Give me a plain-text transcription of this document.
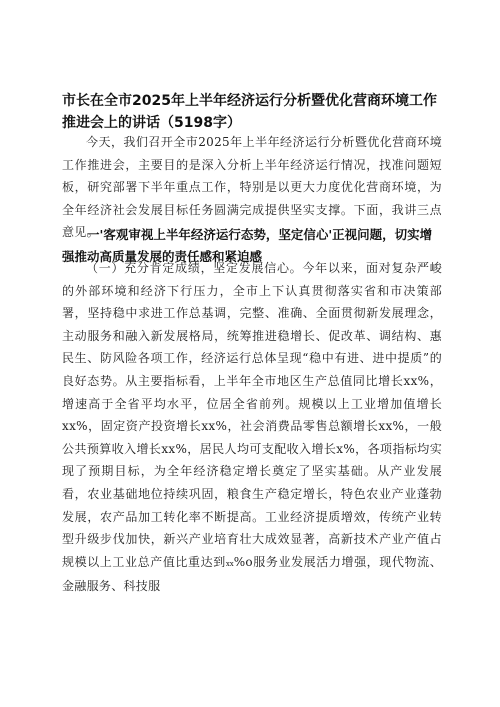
市长在全市2025年上半年经济运行分析暨优化营商环境工作推进会上的讲话（5198字）

今天，我们召开全市2025年上半年经济运行分析暨优化营商环境工作推进会，主要目的是深入分析上半年经济运行情况，找准问题短板，研究部署下半年重点工作，特别是以更大力度优化营商环境，为全年经济社会发展目标任务圆满完成提供坚实支撑。下面，我讲三点意见。

一'客观审视上半年经济运行态势，坚定信心'正视问题，切实增强推动高质量发展的责任感和紧迫感

（一）充分肯定成绩，坚定发展信心。今年以来，面对复杂严峻的外部环境和经济下行压力，全市上下认真贯彻落实省和市决策部署，坚持稳中求进工作总基调，完整、准确、全面贯彻新发展理念，主动服务和融入新发展格局，统筹推进稳增长、促改革、调结构、惠民生、防风险各项工作，经济运行总体呈现“稳中有进、进中提质”的良好态势。从主要指标看，上半年全市地区生产总值同比增长xx%，增速高于全省平均水平，位居全省前列。规模以上工业增加值增长xx%，固定资产投资增长xx%，社会消费品零售总额增长xx%，一般公共预算收入增长xx%，居民人均可支配收入增长x%，各项指标均实现了预期目标，为全年经济稳定增长奠定了坚实基础。从产业发展看，农业基础地位持续巩固，粮食生产稳定增长，特色农业产业蓬勃发展，农产品加工转化率不断提高。工业经济提质增效，传统产业转型升级步伐加快，新兴产业培育壮大成效显著，高新技术产业产值占规模以上工业总产值比重达到xx%o服务业发展活力增强，现代物流、金融服务、科技服
